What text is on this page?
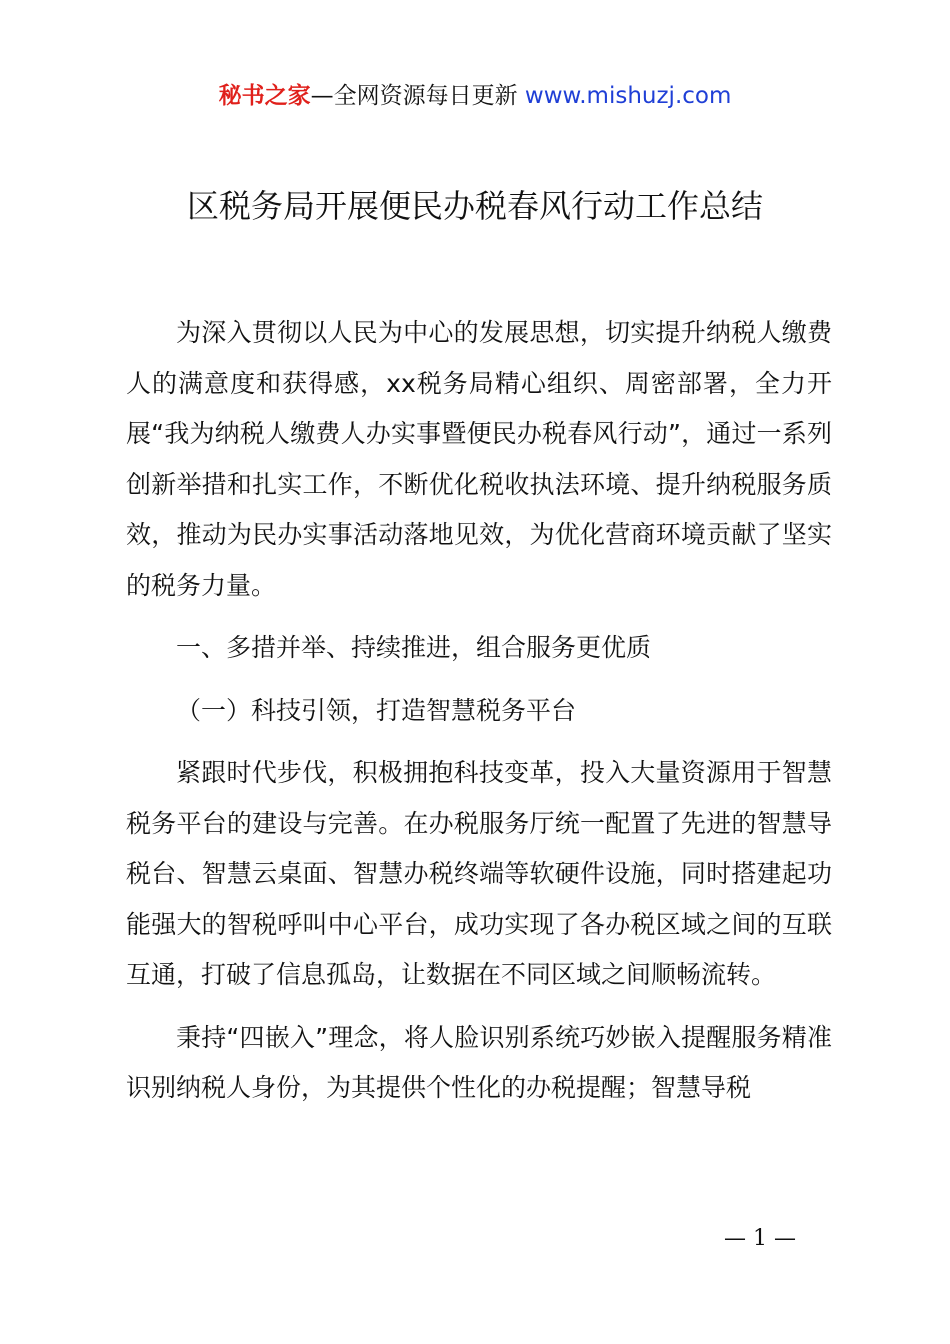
秘书之家—全网资源每日更新 www.mishuzj.com
区税务局开展便民办税春风行动工作总结

为深入贯彻以人民为中心的发展思想，切实提升纳税人缴费人的满意度和获得感，xx税务局精心组织、周密部署，全力开展“我为纳税人缴费人办实事暨便民办税春风行动”，通过一系列创新举措和扎实工作，不断优化税收执法环境、提升纳税服务质效，推动为民办实事活动落地见效，为优化营商环境贡献了坚实的税务力量。

一、多措并举、持续推进，组合服务更优质

（一）科技引领，打造智慧税务平台

紧跟时代步伐，积极拥抱科技变革，投入大量资源用于智慧税务平台的建设与完善。在办税服务厅统一配置了先进的智慧导税台、智慧云桌面、智慧办税终端等软硬件设施，同时搭建起功能强大的智税呼叫中心平台，成功实现了各办税区域之间的互联互通，打破了信息孤岛，让数据在不同区域之间顺畅流转。

秉持“四嵌入”理念，将人脸识别系统巧妙嵌入提醒服务精准识别纳税人身份，为其提供个性化的办税提醒；智慧导税

— 1 —
